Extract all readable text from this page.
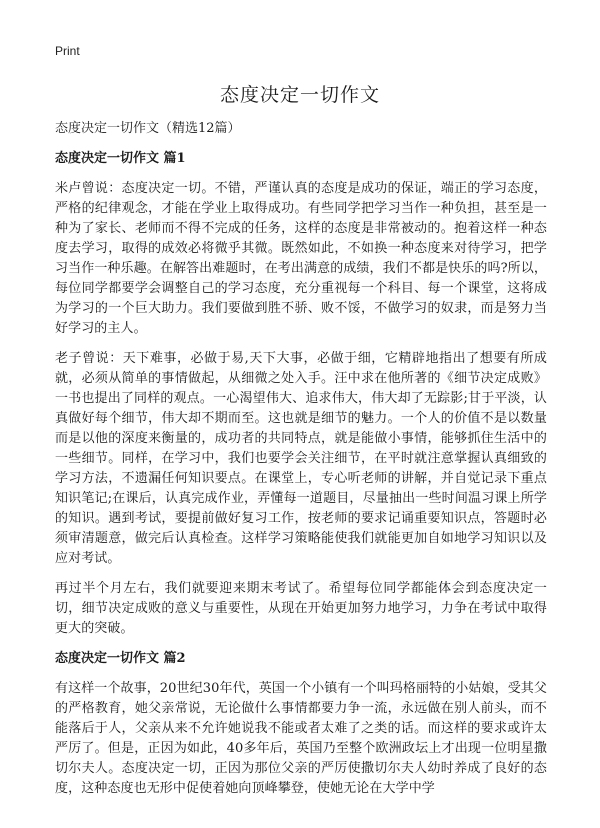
Print
态度决定一切作文

态度决定一切作文（精选12篇）

态度决定一切作文 篇1

米卢曾说：态度决定一切。不错，严谨认真的态度是成功的保证，端正的学习态度，严格的纪律观念，才能在学业上取得成功。有些同学把学习当作一种负担，甚至是一种为了家长、老师而不得不完成的任务，这样的态度是非常被动的。抱着这样一种态度去学习，取得的成效必将微乎其微。既然如此，不如换一种态度来对待学习，把学习当作一种乐趣。在解答出难题时，在考出满意的成绩，我们不都是快乐的吗?所以，每位同学都要学会调整自己的学习态度，充分重视每一个科目、每一个课堂，这将成为学习的一个巨大助力。我们要做到胜不骄、败不馁，不做学习的奴隶，而是努力当好学习的主人。

老子曾说：天下难事，必做于易,天下大事，必做于细，它精辟地指出了想要有所成就，必须从简单的事情做起，从细微之处入手。汪中求在他所著的《细节决定成败》一书也提出了同样的观点。一心渴望伟大、追求伟大，伟大却了无踪影;甘于平淡，认真做好每个细节，伟大却不期而至。这也就是细节的魅力。一个人的价值不是以数量而是以他的深度来衡量的，成功者的共同特点，就是能做小事情，能够抓住生活中的一些细节。同样，在学习中，我们也要学会关注细节，在平时就注意掌握认真细致的学习方法，不遗漏任何知识要点。在课堂上，专心听老师的讲解，并自觉记录下重点知识笔记;在课后，认真完成作业，弄懂每一道题目，尽量抽出一些时间温习课上所学的知识。遇到考试，要提前做好复习工作，按老师的要求记诵重要知识点，答题时必须审清题意，做完后认真检查。这样学习策略能使我们就能更加自如地学习知识以及应对考试。

再过半个月左右，我们就要迎来期末考试了。希望每位同学都能体会到态度决定一切，细节决定成败的意义与重要性，从现在开始更加努力地学习，力争在考试中取得更大的突破。

态度决定一切作文 篇2

有这样一个故事，20世纪30年代，英国一个小镇有一个叫玛格丽特的小姑娘，受其父的严格教育，她父亲常说，无论做什么事情都要力争一流，永远做在别人前头，而不能落后于人，父亲从来不允许她说我不能或者太难了之类的话。而这样的要求或许太严厉了。但是，正因为如此，40多年后，英国乃至整个欧洲政坛上才出现一位明星撒切尔夫人。态度决定一切，正因为那位父亲的严厉使撒切尔夫人幼时养成了良好的态度，这种态度也无形中促使着她向顶峰攀登，使她无论在大学中学
